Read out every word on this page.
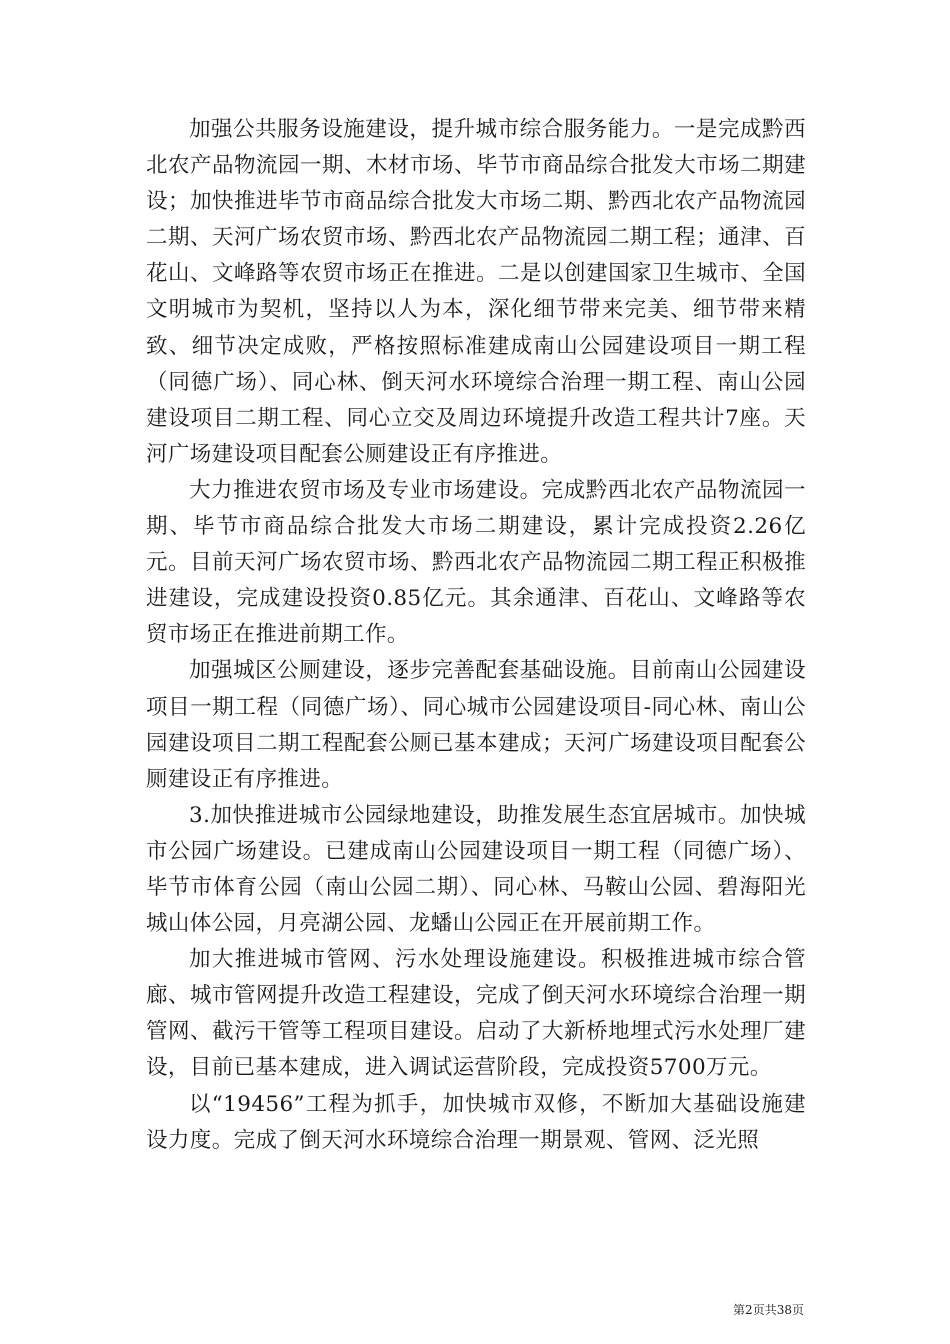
加强公共服务设施建设，提升城市综合服务能力。一是完成黔西北农产品物流园一期、木材市场、毕节市商品综合批发大市场二期建设；加快推进毕节市商品综合批发大市场二期、黔西北农产品物流园二期、天河广场农贸市场、黔西北农产品物流园二期工程；通津、百花山、文峰路等农贸市场正在推进。二是以创建国家卫生城市、全国文明城市为契机，坚持以人为本，深化细节带来完美、细节带来精致、细节决定成败，严格按照标准建成南山公园建设项目一期工程（同德广场）、同心林、倒天河水环境综合治理一期工程、南山公园建设项目二期工程、同心立交及周边环境提升改造工程共计7座。天河广场建设项目配套公厕建设正有序推进。

大力推进农贸市场及专业市场建设。完成黔西北农产品物流园一期、毕节市商品综合批发大市场二期建设，累计完成投资2.26亿元。目前天河广场农贸市场、黔西北农产品物流园二期工程正积极推进建设，完成建设投资0.85亿元。其余通津、百花山、文峰路等农贸市场正在推进前期工作。

加强城区公厕建设，逐步完善配套基础设施。目前南山公园建设项目一期工程（同德广场）、同心城市公园建设项目-同心林、南山公园建设项目二期工程配套公厕已基本建成；天河广场建设项目配套公厕建设正有序推进。

3.加快推进城市公园绿地建设，助推发展生态宜居城市。加快城市公园广场建设。已建成南山公园建设项目一期工程（同德广场）、毕节市体育公园（南山公园二期）、同心林、马鞍山公园、碧海阳光城山体公园，月亮湖公园、龙蟠山公园正在开展前期工作。

加大推进城市管网、污水处理设施建设。积极推进城市综合管廊、城市管网提升改造工程建设，完成了倒天河水环境综合治理一期管网、截污干管等工程项目建设。启动了大新桥地埋式污水处理厂建设，目前已基本建成，进入调试运营阶段，完成投资5700万元。

以“19456”工程为抓手，加快城市双修，不断加大基础设施建设力度。完成了倒天河水环境综合治理一期景观、管网、泛光照

第2页共38页
